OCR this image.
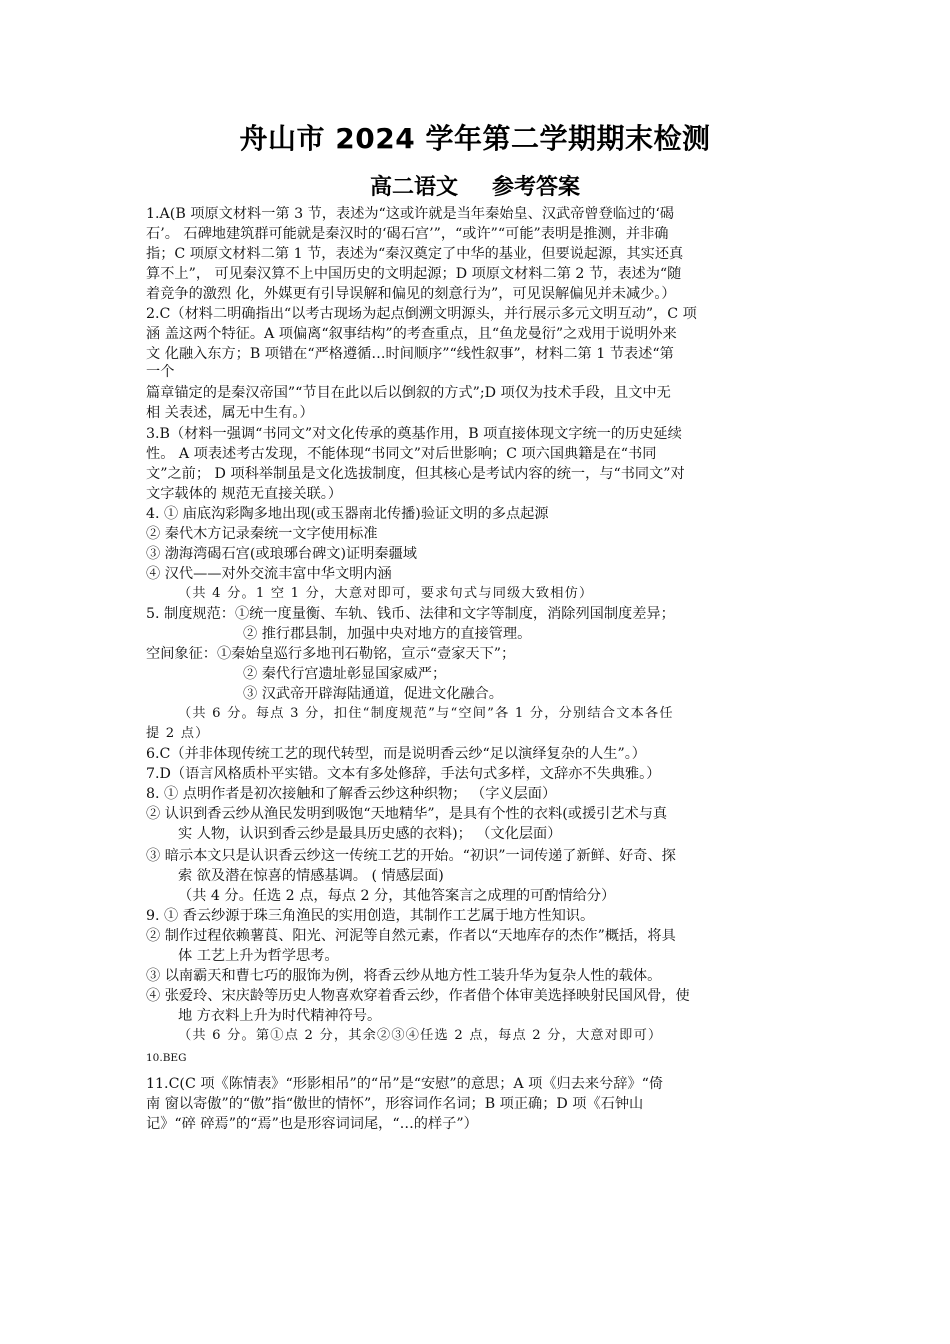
舟山市 2024 学年第二学期期末检测
高二语文 参考答案
1.A(B 项原文材料一第 3 节，表述为“这或许就是当年秦始皇、汉武帝曾登临过的‘碣
石’。 石碑地建筑群可能就是秦汉时的‘碣石宫’”，“或许”“可能”表明是推测，并非确
指；C 项原文材料二第 1 节，表述为“秦汉奠定了中华的基业，但要说起源，其实还真
算不上”， 可见秦汉算不上中国历史的文明起源；D 项原文材料二第 2 节，表述为“随
着竞争的激烈 化，外媒更有引导误解和偏见的刻意行为”，可见误解偏见并未减少。）
2.C（材料二明确指出“以考古现场为起点倒溯文明源头，并行展示多元文明互动”，C 项
涵 盖这两个特征。A 项偏离“叙事结构”的考查重点，且“鱼龙曼衍”之戏用于说明外来
文 化融入东方；B 项错在“严格遵循…时间顺序”“线性叙事”，材料二第 1 节表述“第
一个
篇章锚定的是秦汉帝国”“节目在此以后以倒叙的方式”;D 项仅为技术手段，且文中无
相 关表述，属无中生有。）
3.B（材料一强调“书同文”对文化传承的奠基作用，B 项直接体现文字统一的历史延续
性。 A 项表述考古发现，不能体现“书同文”对后世影响；C 项六国典籍是在“书同
文”之前； D 项科举制虽是文化选拔制度，但其核心是考试内容的统一，与“书同文”对
文字载体的 规范无直接关联。）
4. ① 庙底沟彩陶多地出现(或玉器南北传播)验证文明的多点起源
② 秦代木方记录秦统一文字使用标准
③ 渤海湾碣石宫(或琅琊台碑文)证明秦疆域
④ 汉代——对外交流丰富中华文明内涵
（共 4 分。1 空 1 分，大意对即可，要求句式与同级大致相仿）
5. 制度规范：①统一度量衡、车轨、钱币、法律和文字等制度，消除列国制度差异；
② 推行郡县制，加强中央对地方的直接管理。
空间象征：①秦始皇巡行多地刊石勒铭，宣示“壹家天下”；
② 秦代行宫遗址彰显国家威严；
③ 汉武帝开辟海陆通道，促进文化融合。
（共 6 分。每点 3 分，扣住“制度规范”与“空间”各 1 分，分别结合文本各任
提 2 点）
6.C（并非体现传统工艺的现代转型，而是说明香云纱“足以演绎复杂的人生”。）
7.D（语言风格质朴平实错。文本有多处修辞，手法句式多样，文辞亦不失典雅。）
8. ① 点明作者是初次接触和了解香云纱这种织物； （字义层面）
② 认识到香云纱从渔民发明到吸饱“天地精华”，是具有个性的衣料(或援引艺术与真
实 人物，认识到香云纱是最具历史感的衣料)； （文化层面）
③ 暗示本文只是认识香云纱这一传统工艺的开始。“初识”一词传递了新鲜、好奇、探
索 欲及潜在惊喜的情感基调。 ( 情感层面)
（共 4 分。任选 2 点，每点 2 分，其他答案言之成理的可酌情给分）
9. ① 香云纱源于珠三角渔民的实用创造，其制作工艺属于地方性知识。
② 制作过程依赖薯莨、阳光、河泥等自然元素，作者以“天地库存的杰作”概括，将具
体 工艺上升为哲学思考。
③ 以南霸天和曹七巧的服饰为例，将香云纱从地方性工装升华为复杂人性的载体。
④ 张爱玲、宋庆龄等历史人物喜欢穿着香云纱，作者借个体审美选择映射民国风骨，使
地 方衣料上升为时代精神符号。
（共 6 分。第①点 2 分，其余②③④任选 2 点，每点 2 分，大意对即可）
10.BEG
11.C(C 项《陈情表》“形影相吊”的“吊”是“安慰”的意思；A 项《归去来兮辞》“倚
南 窗以寄傲”的“傲”指“傲世的情怀”，形容词作名词；B 项正确；D 项《石钟山
记》“碎 碎焉”的“焉”也是形容词词尾，“…的样子”）
